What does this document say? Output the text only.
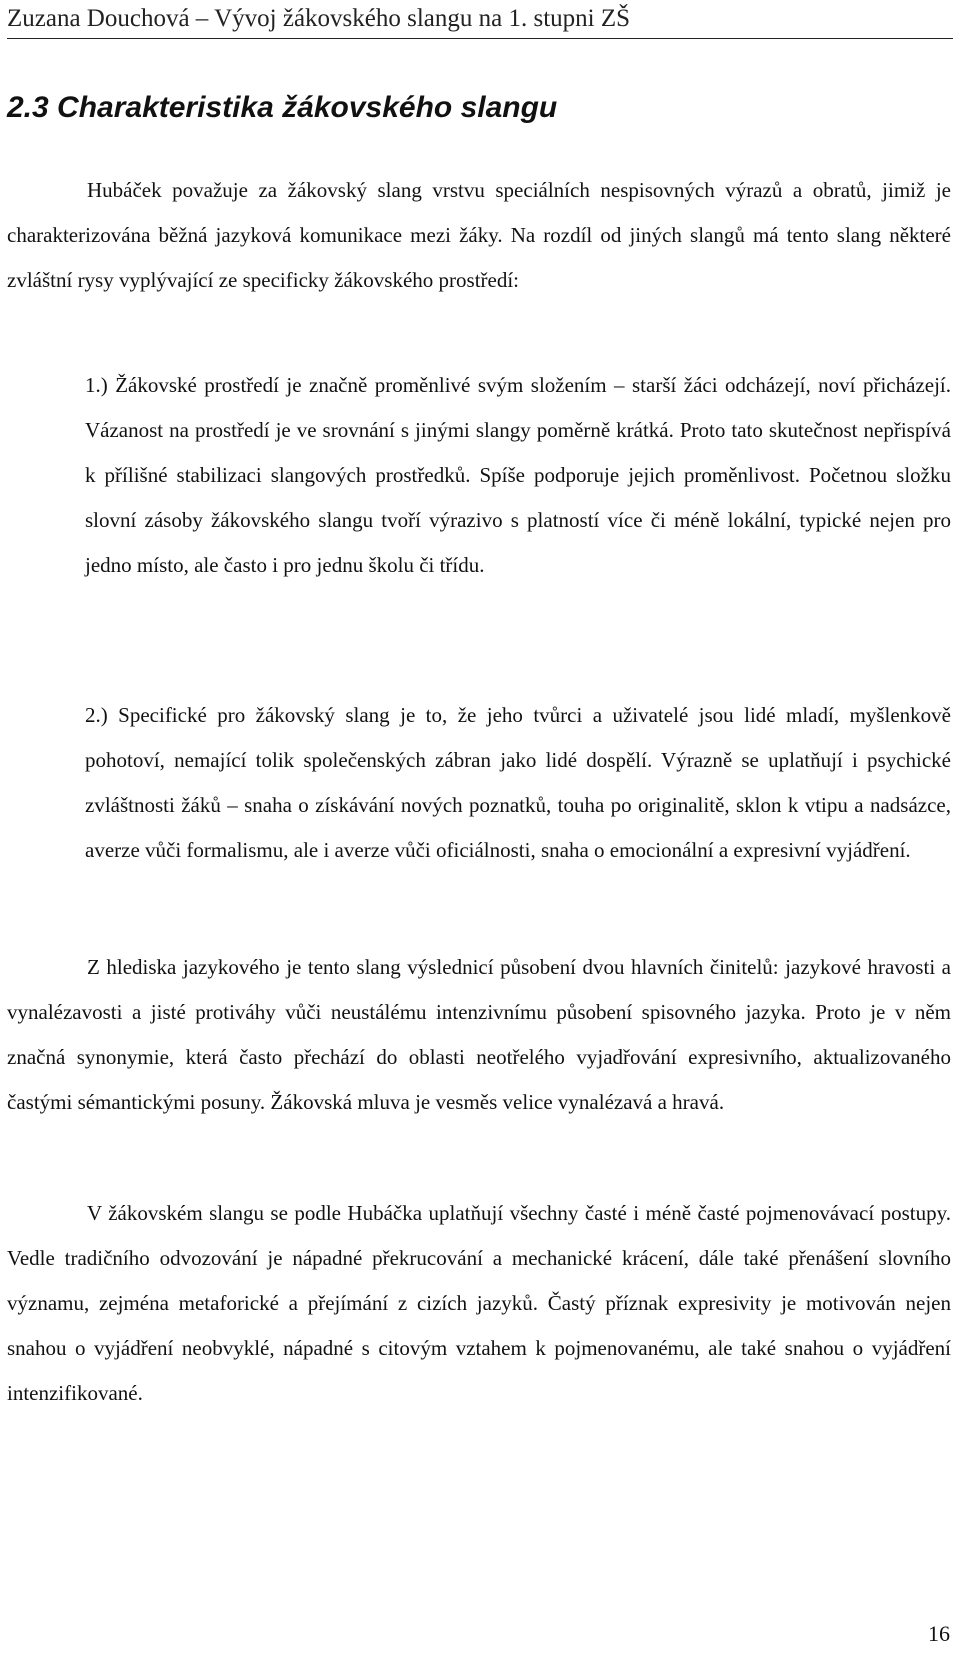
Zuzana Douchová – Vývoj žákovského slangu na 1. stupni ZŠ
2.3 Charakteristika žákovského slangu

Hubáček považuje za žákovský slang vrstvu speciálních nespisovných výrazů a obratů, jimiž je charakterizována běžná jazyková komunikace mezi žáky. Na rozdíl od jiných slangů má tento slang některé zvláštní rysy vyplývající ze specificky žákovského prostředí:

1.) Žákovské prostředí je značně proměnlivé svým složením – starší žáci odcházejí, noví přicházejí. Vázanost na prostředí je ve srovnání s jinými slangy poměrně krátká. Proto tato skutečnost nepřispívá k přílišné stabilizaci slangových prostředků. Spíše podporuje jejich proměnlivost. Početnou složku slovní zásoby žákovského slangu tvoří výrazivo s platností více či méně lokální, typické nejen pro jedno místo, ale často i pro jednu školu či třídu.

2.) Specifické pro žákovský slang je to, že jeho tvůrci a uživatelé jsou lidé mladí, myšlenkově pohotoví, nemající tolik společenských zábran jako lidé dospělí. Výrazně se uplatňují i psychické zvláštnosti žáků – snaha o získávání nových poznatků, touha po originalitě, sklon k vtipu a nadsázce, averze vůči formalismu, ale i averze vůči oficiálnosti, snaha o emocionální a expresivní vyjádření.

Z hlediska jazykového je tento slang výslednicí působení dvou hlavních činitelů: jazykové hravosti a vynalézavosti a jisté protiváhy vůči neustálému intenzivnímu působení spisovného jazyka. Proto je v něm značná synonymie, která často přechází do oblasti neotřelého vyjadřování expresivního, aktualizovaného častými sémantickými posuny. Žákovská mluva je vesměs velice vynalézavá a hravá.

V žákovském slangu se podle Hubáčka uplatňují všechny časté i méně časté pojmenovávací postupy. Vedle tradičního odvozování je nápadné překrucování a mechanické krácení, dále také přenášení slovního významu, zejména metaforické a přejímání z cizích jazyků. Častý příznak expresivity je motivován nejen snahou o vyjádření neobvyklé, nápadné s citovým vztahem k pojmenovanému, ale také snahou o vyjádření intenzifikované.

16
